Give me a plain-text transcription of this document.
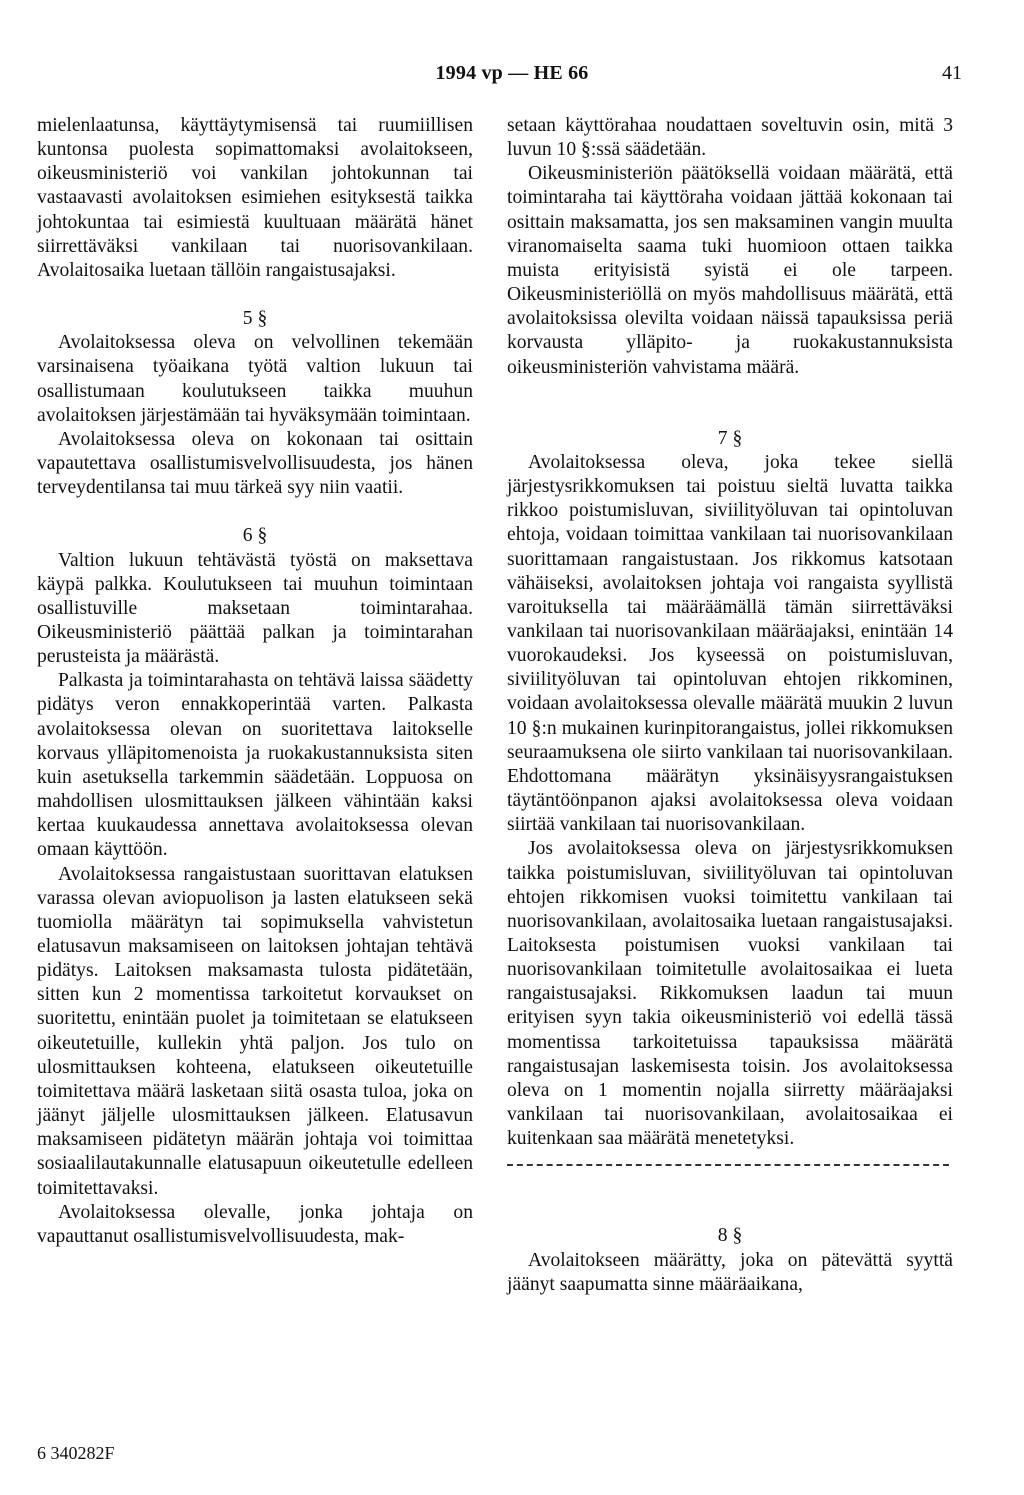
1994 vp — HE 66	41

mielenlaatunsa, käyttäytymisensä tai ruumiillisen kuntonsa puolesta sopimattomaksi avolaitokseen, oikeusministeriö voi vankilan johtokunnan tai vastaavasti avolaitoksen esimiehen esityksestä taikka johtokuntaa tai esimiestä kuultuaan määrätä hänet siirrettäväksi vankilaan tai nuorisovankilaan. Avolaitosaika luetaan tällöin rangaistusajaksi.

5 §

Avolaitoksessa oleva on velvollinen tekemään varsinaisena työaikana työtä valtion lukuun tai osallistumaan koulutukseen taikka muuhun avolaitoksen järjestämään tai hyväksymään toimintaan.

Avolaitoksessa oleva on kokonaan tai osittain vapautettava osallistumisvelvollisuudesta, jos hänen terveydentilansa tai muu tärkeä syy niin vaatii.

6 §

Valtion lukuun tehtävästä työstä on maksettava käypä palkka. Koulutukseen tai muuhun toimintaan osallistuville maksetaan toimintarahaa. Oikeusministeriö päättää palkan ja toimintarahan perusteista ja määrästä.

Palkasta ja toimintarahasta on tehtävä laissa säädetty pidätys veron ennakkoperintää varten. Palkasta avolaitoksessa olevan on suoritettava laitokselle korvaus ylläpitomenoista ja ruokakustannuksista siten kuin asetuksella tarkemmin säädetään. Loppuosa on mahdollisen ulosmittauksen jälkeen vähintään kaksi kertaa kuukaudessa annettava avolaitoksessa olevan omaan käyttöön.

Avolaitoksessa rangaistustaan suorittavan elatuksen varassa olevan aviopuolison ja lasten elatukseen sekä tuomiolla määrätyn tai sopimuksella vahvistetun elatusavun maksamiseen on laitoksen johtajan tehtävä pidätys. Laitoksen maksamasta tulosta pidätetään, sitten kun 2 momentissa tarkoitetut korvaukset on suoritettu, enintään puolet ja toimitetaan se elatukseen oikeutetuille, kullekin yhtä paljon. Jos tulo on ulosmittauksen kohteena, elatukseen oikeutetuille toimitettava määrä lasketaan siitä osasta tuloa, joka on jäänyt jäljelle ulosmittauksen jälkeen. Elatusavun maksamiseen pidätetyn määrän johtaja voi toimittaa sosiaalilautakunnalle elatusapuun oikeutetulle edelleen toimitettavaksi.

Avolaitoksessa olevalle, jonka johtaja on vapauttanut osallistumisvelvollisuudesta, mak-

setaan käyttörahaa noudattaen soveltuvin osin, mitä 3 luvun 10 §:ssä säädetään.

Oikeusministeriön päätöksellä voidaan määrätä, että toimintaraha tai käyttöraha voidaan jättää kokonaan tai osittain maksamatta, jos sen maksaminen vangin muulta viranomaiselta saama tuki huomioon ottaen taikka muista erityisistä syistä ei ole tarpeen. Oikeusministeriöllä on myös mahdollisuus määrätä, että avolaitoksissa olevilta voidaan näissä tapauksissa periä korvausta ylläpito- ja ruokakustannuksista oikeusministeriön vahvistama määrä.

7 §

Avolaitoksessa oleva, joka tekee siellä järjestysrikkomuksen tai poistuu sieltä luvatta taikka rikkoo poistumisluvan, siviilityöluvan tai opintoluvan ehtoja, voidaan toimittaa vankilaan tai nuorisovankilaan suorittamaan rangaistustaan. Jos rikkomus katsotaan vähäiseksi, avolaitoksen johtaja voi rangaista syyllistä varoituksella tai määräämällä tämän siirrettäväksi vankilaan tai nuorisovankilaan määräajaksi, enintään 14 vuorokaudeksi. Jos kyseessä on poistumisluvan, siviilityöluvan tai opintoluvan ehtojen rikkominen, voidaan avolaitoksessa olevalle määrätä muukin 2 luvun 10 §:n mukainen kurinpitorangaistus, jollei rikkomuksen seuraamuksena ole siirto vankilaan tai nuorisovankilaan. Ehdottomana määrätyn yksinäisyysrangaistuksen täytäntöönpanon ajaksi avolaitoksessa oleva voidaan siirtää vankilaan tai nuorisovankilaan.

Jos avolaitoksessa oleva on järjestysrikkomuksen taikka poistumisluvan, siviilityöluvan tai opintoluvan ehtojen rikkomisen vuoksi toimitettu vankilaan tai nuorisovankilaan, avolaitosaika luetaan rangaistusajaksi. Laitoksesta poistumisen vuoksi vankilaan tai nuorisovankilaan toimitetulle avolaitosaikaa ei lueta rangaistusajaksi. Rikkomuksen laadun tai muun erityisen syyn takia oikeusministeriö voi edellä tässä momentissa tarkoitetuissa tapauksissa määrätä rangaistusajan laskemisesta toisin. Jos avolaitoksessa oleva on 1 momentin nojalla siirretty määräajaksi vankilaan tai nuorisovankilaan, avolaitosaikaa ei kuitenkaan saa määrätä menetetyksi.

8 §

Avolaitokseen määrätty, joka on pätevättä syyttä jäänyt saapumatta sinne määräaikana,

6 340282F
